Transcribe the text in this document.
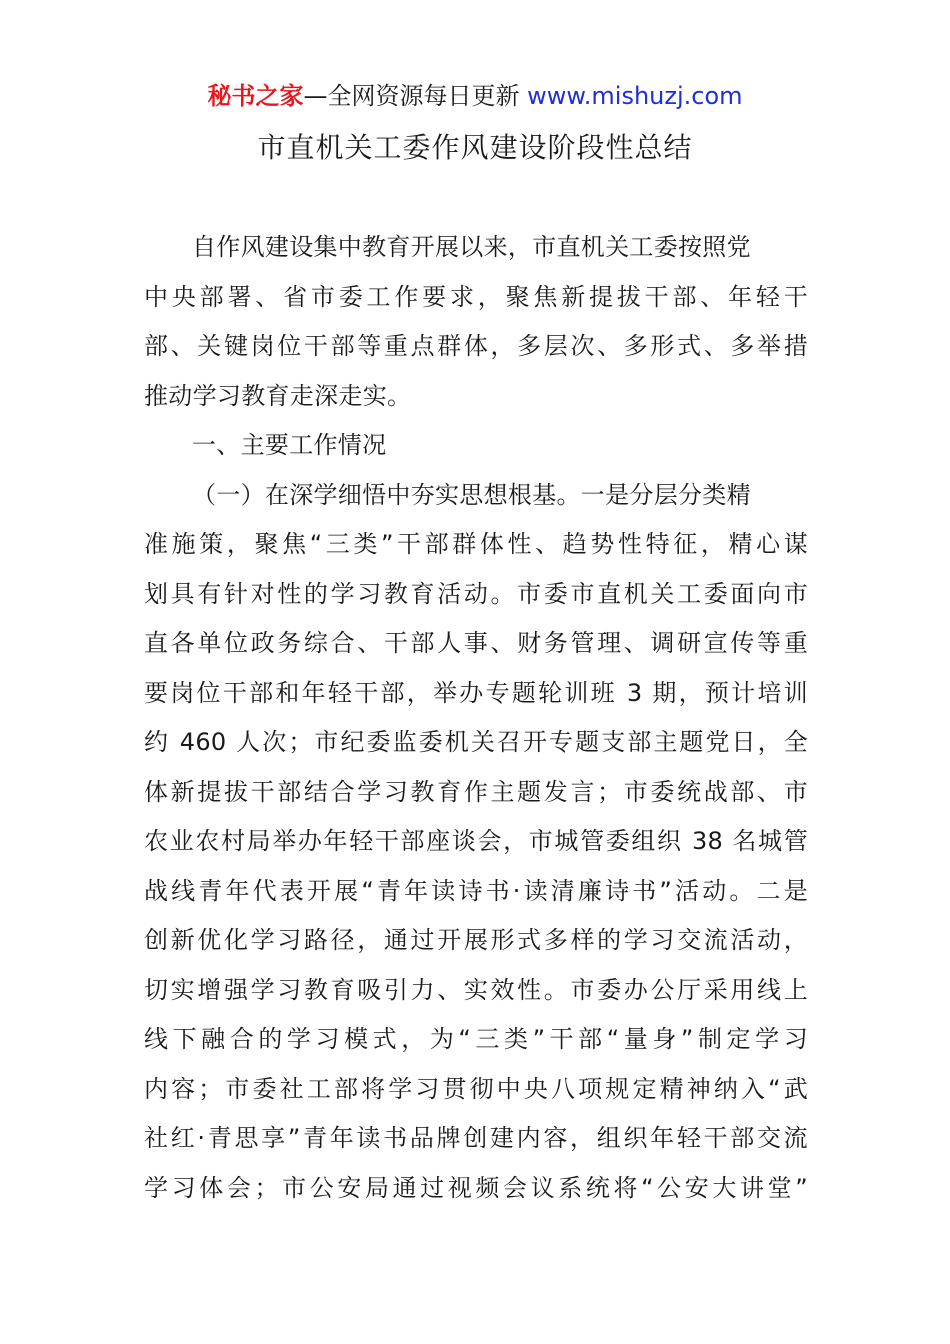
秘书之家—全网资源每日更新 www.mishuzj.com
市直机关工委作风建设阶段性总结
自作风建设集中教育开展以来，市直机关工委按照党
中央部署、省市委工作要求，聚焦新提拔干部、年轻干
部、关键岗位干部等重点群体，多层次、多形式、多举措
推动学习教育走深走实。
一、主要工作情况
（一）在深学细悟中夯实思想根基。一是分层分类精
准施策，聚焦“三类”干部群体性、趋势性特征，精心谋
划具有针对性的学习教育活动。市委市直机关工委面向市
直各单位政务综合、干部人事、财务管理、调研宣传等重
要岗位干部和年轻干部，举办专题轮训班 3 期，预计培训
约 460 人次；市纪委监委机关召开专题支部主题党日，全
体新提拔干部结合学习教育作主题发言；市委统战部、市
农业农村局举办年轻干部座谈会，市城管委组织 38 名城管
战线青年代表开展“青年读诗书·读清廉诗书”活动。二是
创新优化学习路径，通过开展形式多样的学习交流活动，
切实增强学习教育吸引力、实效性。市委办公厅采用线上
线下融合的学习模式，为“三类”干部“量身”制定学习
内容；市委社工部将学习贯彻中央八项规定精神纳入“武
社红·青思享”青年读书品牌创建内容，组织年轻干部交流
学习体会；市公安局通过视频会议系统将“公安大讲堂”
